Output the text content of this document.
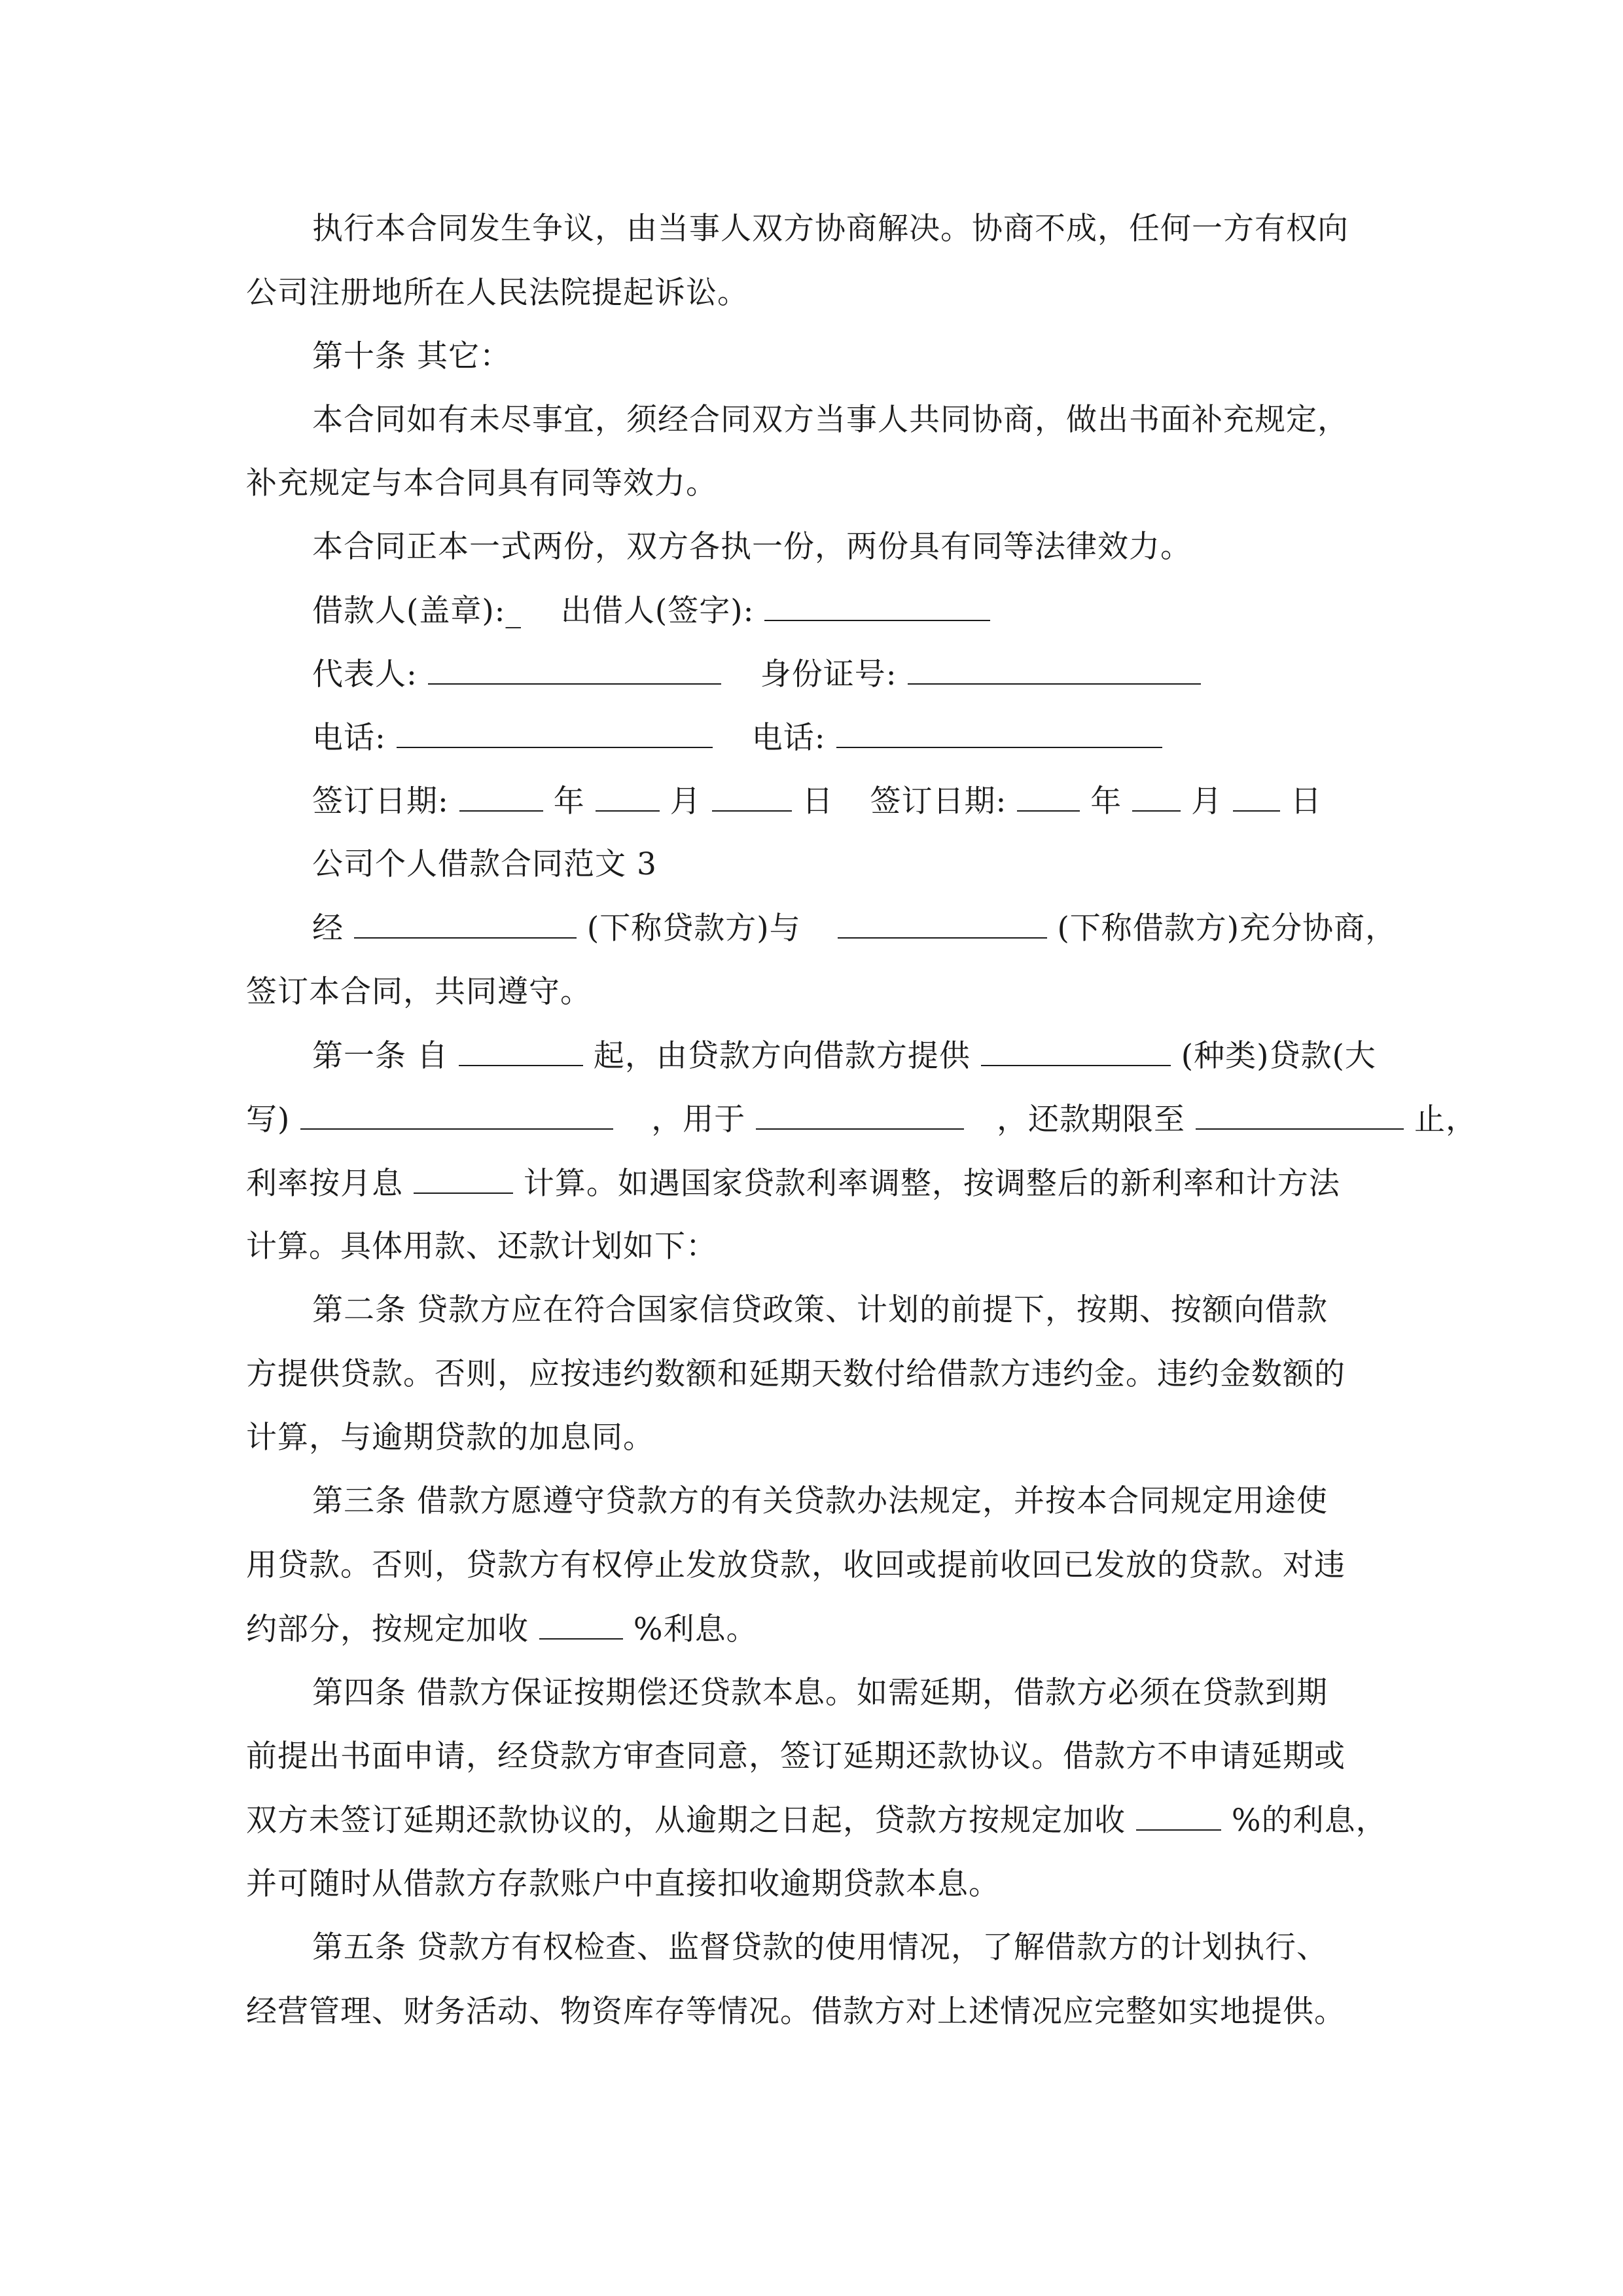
执行本合同发生争议，由当事人双方协商解决。协商不成，任何一方有权向
公司注册地所在人民法院提起诉讼。
第十条 其它：
本合同如有未尽事宜，须经合同双方当事人共同协商，做出书面补充规定，
补充规定与本合同具有同等效力。
本合同正本一式两份，双方各执一份，两份具有同等法律效力。
借款人(盖章):_ 出借人(签字):
代表人:	身份证号:
电话:	电话:
签订日期:	年	月	日 签订日期:	年 月 日
公司个人借款合同范文 3
经	(下称贷款方)与	(下称借款方)充分协商，
签订本合同，共同遵守。
第一条 自	起，由贷款方向借款方提供	(种类)贷款(大
写)	，用于	，还款期限至	止，
利率按月息	计算。如遇国家贷款利率调整，按调整后的新利率和计方法
计算。具体用款、还款计划如下：
第二条 贷款方应在符合国家信贷政策、计划的前提下，按期、按额向借款
方提供贷款。否则，应按违约数额和延期天数付给借款方违约金。违约金数额的
计算，与逾期贷款的加息同。
第三条 借款方愿遵守贷款方的有关贷款办法规定，并按本合同规定用途使
用贷款。否则，贷款方有权停止发放贷款，收回或提前收回已发放的贷款。对违
约部分，按规定加收	%利息。
第四条 借款方保证按期偿还贷款本息。如需延期，借款方必须在贷款到期
前提出书面申请，经贷款方审查同意，签订延期还款协议。借款方不申请延期或
双方未签订延期还款协议的，从逾期之日起，贷款方按规定加收	%的利息，
并可随时从借款方存款账户中直接扣收逾期贷款本息。
第五条 贷款方有权检查、监督贷款的使用情况，了解借款方的计划执行、
经营管理、财务活动、物资库存等情况。借款方对上述情况应完整如实地提供。
